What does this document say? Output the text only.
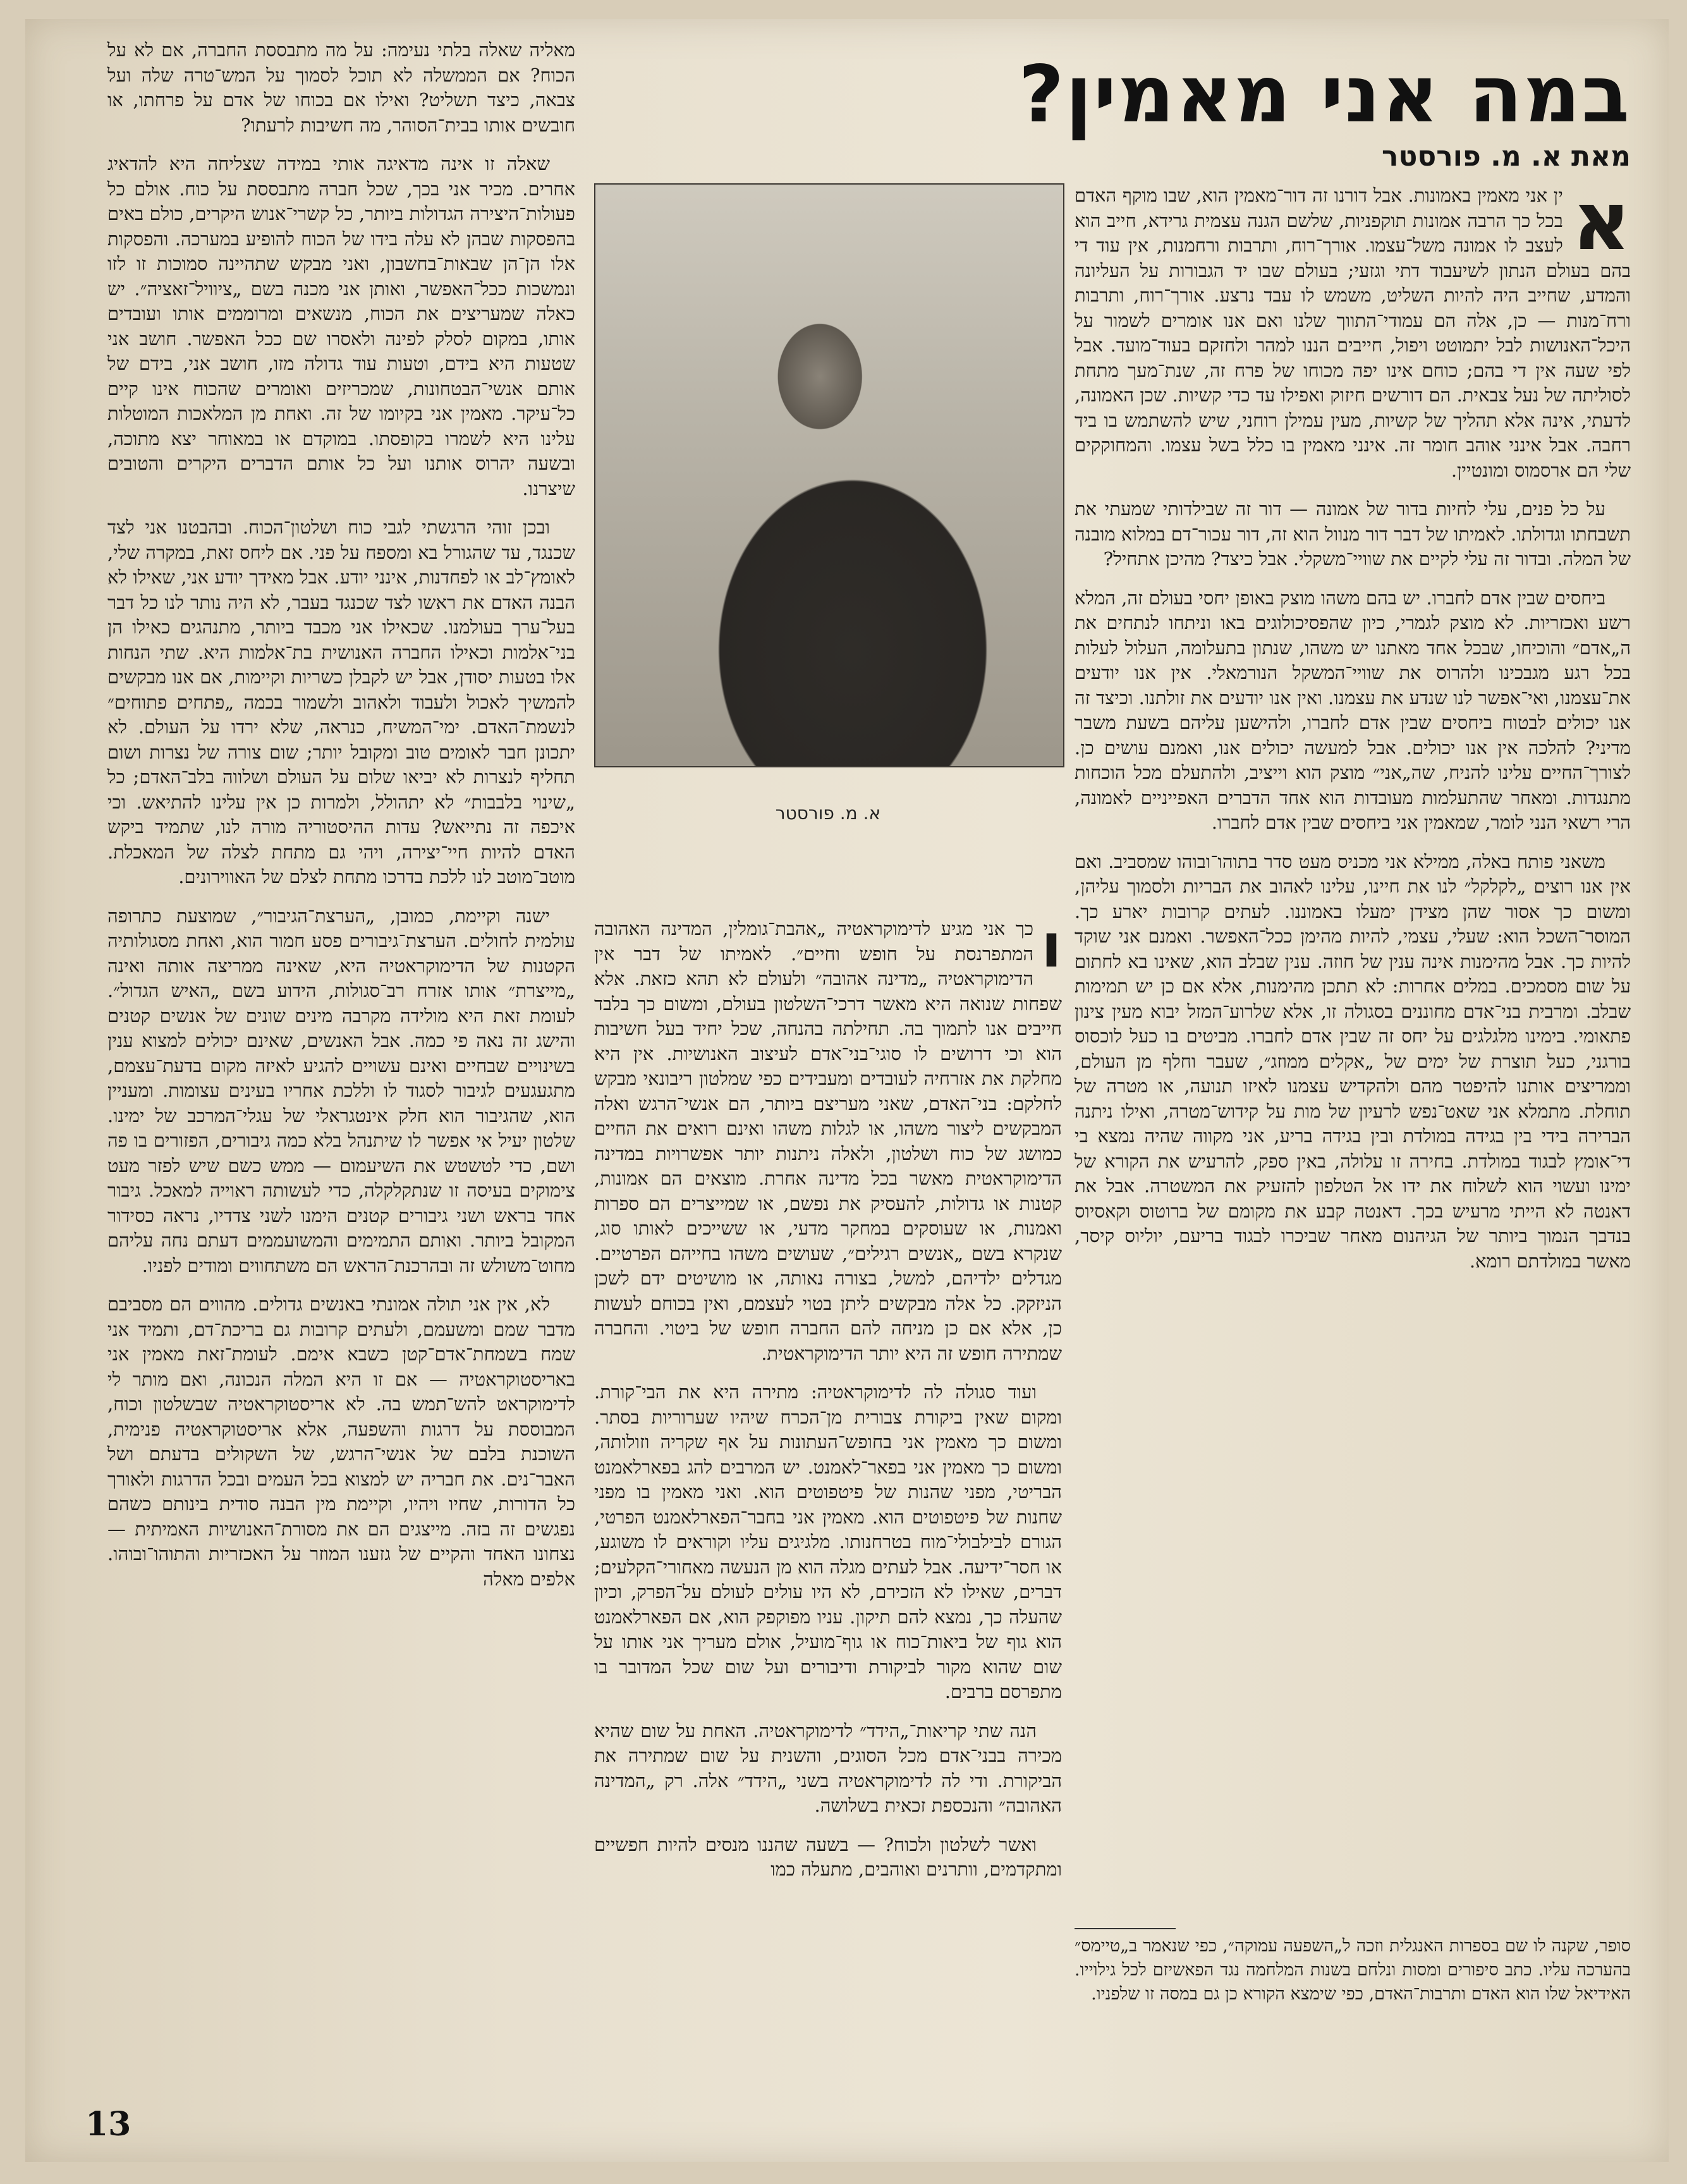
במה אני מאמין?
מאת א. מ. פורסטר
א. מ. פורסטר

א
ין אני מאמין באמונות. אבל דורנו זה דור־מאמין הוא, שבו מוקף האדם בכל כך הרבה אמונות תוקפניות, שלשם הגנה עצמית גרידא, חייב הוא לעצב לו אמונה משל־עצמו. אורך־רוח, ותרבות ורחמנות, אין עוד די בהם בעולם הנתון לשיעבוד דתי וגזעי; בעולם שבו יד הגבורות על העליונה והמדע, שחייב היה להיות השליט, משמש לו עבד נרצע. אורך־רוח, ותרבות ורח־מנות — כן, אלה הם עמודי־התווך שלנו ואם אנו אומרים לשמור על היכל־האנושות לבל יתמוטט ויפול, חייבים הננו למהר ולחזקם בעוד־מועד. אבל לפי שעה אין די בהם; כוחם אינו יפה מכוחו של פרח זה, שנת־מעך מתחת לסוליתה של נעל צבאית. הם דורשים חיזוק ואפילו עד כדי קשיות. שכן האמונה, לדעתי, אינה אלא תהליך של קשיות, מעין עמילן רוחני, שיש להשתמש בו ביד רחבה. אבל אינני אוהב חומר זה. אינני מאמין בו כלל בשל עצמו. והמחוקקים שלי הם ארסמוס ומונטיין.

על כל פנים, עלי לחיות בדור של אמונה — דור זה שבילדותי שמעתי את תשבחתו וגדולתו. לאמיתו של דבר דור מנוול הוא זה, דור עכור־דם במלוא מובנה של המלה. ובדור זה עלי לקיים את שוויי־משקלי. אבל כיצד? מהיכן אתחיל?

ביחסים שבין אדם לחברו. יש בהם משהו מוצק באופן יחסי בעולם זה, המלא רשע ואכזריות. לא מוצק לגמרי, כיון שהפסיכולוגים באו וניתחו לנתחים את ה„אדם״ והוכיחו, שבכל אחד מאתנו יש משהו, שנתון בתעלומה, העלול לעלות בכל רגע מגבכינו ולהרוס את שוויי־המשקל הנורמאלי. אין אנו יודעים את־עצמנו, ואי־אפשר לנו שנדע את עצמנו. ואין אנו יודעים את זולתנו. וכיצד זה אנו יכולים לבטוח ביחסים שבין אדם לחברו, ולהישען עליהם בשעת משבר מדיני? להלכה אין אנו יכולים. אבל למעשה יכולים אנו, ואמנם עושים כן. לצורך־החיים עלינו להניח, שה„אני״ מוצק הוא וייציב, ולהתעלם מכל הוכחות מתנגדות. ומאחר שהתעלמות מעובדות הוא אחד הדברים האפייניים לאמונה, הרי רשאי הנני לומר, שמאמין אני ביחסים שבין אדם לחברו.

משאני פותח באלה, ממילא אני מכניס מעט סדר בתוהו־ובוהו שמסביב. ואם אין אנו רוצים „לקלקל״ לנו את חיינו, עלינו לאהוב את הבריות ולסמוך עליהן, ומשום כך אסור שהן מצידן ימעלו באמוננו. לעתים קרובות יארע כך. המוסר־השכל הוא: שעלי, עצמי, להיות מהימן ככל־האפשר. ואמנם אני שוקד להיות כך. אבל מהימנות אינה ענין של חוזה. ענין שבלב הוא, שאינו בא לחתום על שום מסמכים. במלים אחרות: לא תתכן מהימנות, אלא אם כן יש תמימות שבלב. ומרבית בני־אדם מחוננים בסגולה זו, אלא שלרוע־המזל יבוא מעין צינון פתאומי. בימינו מלגלגים על יחס זה שבין אדם לחברו. מביטים בו כעל לוכסוס בורגני, כעל תוצרת של ימים של „אקלים ממוזג״, שעבר וחלף מן העולם, וממריצים אותנו להיפטר מהם ולהקדיש עצמנו לאיזו תנועה, או מטרה של תוחלת. מתמלא אני שאט־נפש לרעיון של מות על קידוש־מטרה, ואילו ניתנה הברירה בידי בין בגידה במולדת ובין בגידה בריע, אני מקווה שהיה נמצא בי די־אומץ לבגוד במולדת. בחירה זו עלולה, באין ספק, להרעיש את הקורא של ימינו ועשוי הוא לשלוח את ידו אל הטלפון להזעיק את המשטרה. אבל את דאנטה לא הייתי מרעיש בכך. דאנטה קבע את מקומם של ברוטוס וקאסיוס בנדבך הנמוך ביותר של הגיהנום מאחר שביכרו לבגוד בריעם, יוליוס קיסר, מאשר במולדתם רומא.

סופר, שקנה לו שם בספרות האנגלית וזכה ל„השפעה עמוקה״, כפי שנאמר ב„טיימס״ בהערכה עליו. כתב סיפורים ומסות ונלחם בשנות המלחמה נגד הפאשיזם לכל גילוייו. האידיאל שלו הוא האדם ותרבות־האדם, כפי שימצא הקורא כן גם במסה זו שלפניו.

ו
כך אני מגיע לדימוקראטיה „אהבת־גומלין, המדינה האהובה המתפרנסת על חופש וחיים״. לאמיתו של דבר אין הדימוקראטיה „מדינה אהובה״ ולעולם לא תהא כזאת. אלא שפחות שנואה היא מאשר דרכי־השלטון בעולם, ומשום כך בלבד חייבים אנו לתמוך בה. תחילתה בהנחה, שכל יחיד בעל חשיבות הוא וכי דרושים לו סוגי־בני־אדם לעיצוב האנושיות. אין היא מחלקת את אזרחיה לעובדים ומעבידים כפי שמלטון ריבונאי מבקש לחלקם: בני־האדם, שאני מעריצם ביותר, הם אנשי־הרגש ואלה המבקשים ליצור משהו, או לגלות משהו ואינם רואים את החיים כמושג של כוח ושלטון, ולאלה ניתנות יותר אפשרויות במדינה הדימוקראטית מאשר בכל מדינה אחרת. מוצאים הם אמונות, קטנות או גדולות, להעסיק את נפשם, או שמייצרים הם ספרות ואמנות, או שעוסקים במחקר מדעי, או ששייכים לאותו סוג, שנקרא בשם „אנשים רגילים״, שעושים משהו בחייהם הפרטיים. מגדלים ילדיהם, למשל, בצורה נאותה, או מושיטים ידם לשכן הניזקק. כל אלה מבקשים ליתן בטוי לעצמם, ואין בכוחם לעשות כן, אלא אם כן מניחה להם החברה חופש של ביטוי. והחברה שמתירה חופש זה היא יותר הדימוקראטית.

ועוד סגולה לה לדימוקראטיה: מתירה היא את הבי־קורת. ומקום שאין ביקורת צבורית מן־הכרח שיהיו שערוריות בסתר. ומשום כך מאמין אני בחופש־העתונות על אף שקריה וזולותה, ומשום כך מאמין אני בפאר־לאמנט. יש המרבים להג בפארלאמנט הבריטי, מפני שהנות של פיטפוטים הוא. ואני מאמין בו מפני שחנות של פיטפוטים הוא. מאמין אני בחבר־הפארלאמנט הפרטי, הגורם לבילבולי־מוח בטרחנותו. מלגיגים עליו וקוראים לו משוגע, או חסר־ידיעה. אבל לעתים מגלה הוא מן הנעשה מאחורי־הקלעים; דברים, שאילו לא הזכירם, לא היו עולים לעולם על־הפרק, וכיון שהעלה כך, נמצא להם תיקון. עניו מפוקפק הוא, אם הפארלאמנט הוא גוף של ביאות־כוח או גוף־מועיל, אולם מעריך אני אותו על שום שהוא מקור לביקורת ודיבורים ועל שום שכל המדובר בו מתפרסם ברבים.

הנה שתי קריאות־„הידד״ לדימוקראטיה. האחת על שום שהיא מכירה בבני־אדם מכל הסוגים, והשנית על שום שמתירה את הביקורת. ודי לה לדימוקראטיה בשני „הידד״ אלה. רק „המדינה האהובה״ והנכספת זכאית בשלושה.

ואשר לשלטון ולכוח? — בשעה שהננו מנסים להיות חפשיים ומתקדמים, וותרנים ואוהבים, מתעלה כמו

מאליה שאלה בלתי נעימה: על מה מתבססת החברה, אם לא על הכוח? אם הממשלה לא תוכל לסמוך על המש־טרה שלה ועל צבאה, כיצד תשליט? ואילו אם בכוחו של אדם על פרחתו, או חובשים אותו בבית־הסוהר, מה חשיבות לרעתו?

שאלה זו אינה מדאיגה אותי במידה שצליחה היא להדאיג אחרים. מכיר אני בכך, שכל חברה מתבססת על כוח. אולם כל פעולות־היצירה הגדולות ביותר, כל קשרי־אנוש היקרים, כולם באים בהפסקות שבהן לא עלה בידו של הכוח להופיע במערכה. והפסקות אלו הן־הן שבאות־בחשבון, ואני מבקש שתהיינה סמוכות זו לזו ונמשכות ככל־האפשר, ואותן אני מכנה בשם „ציוויל־זאציה״. יש כאלה שמעריצים את הכוח, מנשאים ומרוממים אותו ועובדים אותו, במקום לסלק לפינה ולאסרו שם ככל האפשר. חושב אני שטעות היא בידם, וטעות עוד גדולה מזו, חושב אני, בידם של אותם אנשי־הבטחונות, שמכריזים ואומרים שהכוח אינו קיים כל־עיקר. מאמין אני בקיומו של זה. ואחת מן המלאכות המוטלות עלינו היא לשמרו בקופסתו. במוקדם או במאוחר יצא מתוכה, ובשעה יהרוס אותנו ועל כל אותם הדברים היקרים והטובים שיצרנו.

ובכן זוהי הרגשתי לגבי כוח ושלטון־הכוח. ובהבטנו אני לצד שכנגד, עד שהגורל בא ומספח על פני. אם ליחס זאת, במקרה שלי, לאומץ־לב או לפחדנות, אינני יודע. אבל מאידך יודע אני, שאילו לא הבנה האדם את ראשו לצד שכנגד בעבר, לא היה נותר לנו כל דבר בעל־ערך בעולמנו. שכאילו אני מכבד ביותר, מתנהגים כאילו הן בני־אלמות וכאילו החברה האנושית בת־אלמות היא. שתי הנחות אלו בטעות יסודן, אבל יש לקבלן כשריות וקיימות, אם אנו מבקשים להמשיך לאכול ולעבוד ולאהוב ולשמור בכמה „פתחים פתוחים״ לנשמת־האדם. ימי־המשיח, כנראה, שלא ירדו על העולם. לא יתכונן חבר לאומים טוב ומקובל יותר; שום צורה של נצרות ושום תחליף לנצרות לא יביאו שלום על העולם ושלווה בלב־האדם; כל „שינוי בלבבות״ לא יתהולל, ולמרות כן אין עלינו להתיאש. וכי איכפה זה נתייאש? עדות ההיסטוריה מורה לנו, שתמיד ביקש האדם להיות חיי־יצירה, ויהי גם מתחת לצלה של המאכלת. מוטב־מוטב לנו ללכת בדרכו מתחת לצלם של האווירונים.

ישנה וקיימת, כמובן, „הערצת־הגיבור״, שמוצעת כתרופה עולמית לחולים. הערצת־גיבורים פסע חמור הוא, ואחת מסגולותיה הקטנות של הדימוקראטיה היא, שאינה ממריצה אותה ואינה „מייצרת״ אותו אזרח רב־סגולות, הידוע בשם „האיש הגדול״. לעומת זאת היא מולידה מקרבה מינים שונים של אנשים קטנים והישג זה נאה פי כמה. אבל האנשים, שאינם יכולים למצוא ענין בשינויים שבחיים ואינם עשויים להגיע לאיזה מקום בדעת־עצמם, מתגעגעים לגיבור לסגוד לו וללכת אחריו בעינים עצומות. ומעניין הוא, שהגיבור הוא חלק אינטגראלי של עגלי־המרכב של ימינו. שלטון יעיל אי אפשר לו שיתנהל בלא כמה גיבורים, הפזורים בו פה ושם, כדי לטשטש את השיעמום — ממש כשם שיש לפזר מעט צימוקים בעיסה זו שנתקלקלה, כדי לעשותה ראוייה למאכל. גיבור אחד בראש ושני גיבורים קטנים הימנו לשני צדדיו, נראה כסידור המקובל ביותר. ואותם התמימים והמשועממים דעתם נחה עליהם מחוט־משולש זה ובהרכנת־הראש הם משתחווים ומודים לפניו.

לא, אין אני תולה אמונתי באנשים גדולים. מהווים הם מסביבם מדבר שמם ומשעמם, ולעתים קרובות גם בריכת־דם, ותמיד אני שמח בשמחת־אדם־קטן כשבא אימם. לעומת־זאת מאמין אני באריסטוקראטיה — אם זו היא המלה הנכונה, ואם מותר לי לדימוקראט להש־תמש בה. לא אריסטוקראטיה שבשלטון וכוח, המבוססת על דרגות והשפעה, אלא אריסטוקראטיה פנימית, השוכנת בלבם של אנשי־הרגש, של השקולים בדעתם ושל האבר־נים. את חבריה יש למצוא בכל העמים ובכל הדרגות ולאורך כל הדורות, שחיו ויהיו, וקיימת מין הבנה סודית בינותם כשהם נפגשים זה בזה. מייצגים הם את מסורת־האנושיות האמיתית — נצחונו האחד והקיים של גזענו המוזר על האכזריות והתוהו־ובוהו. אלפים מאלה

13
